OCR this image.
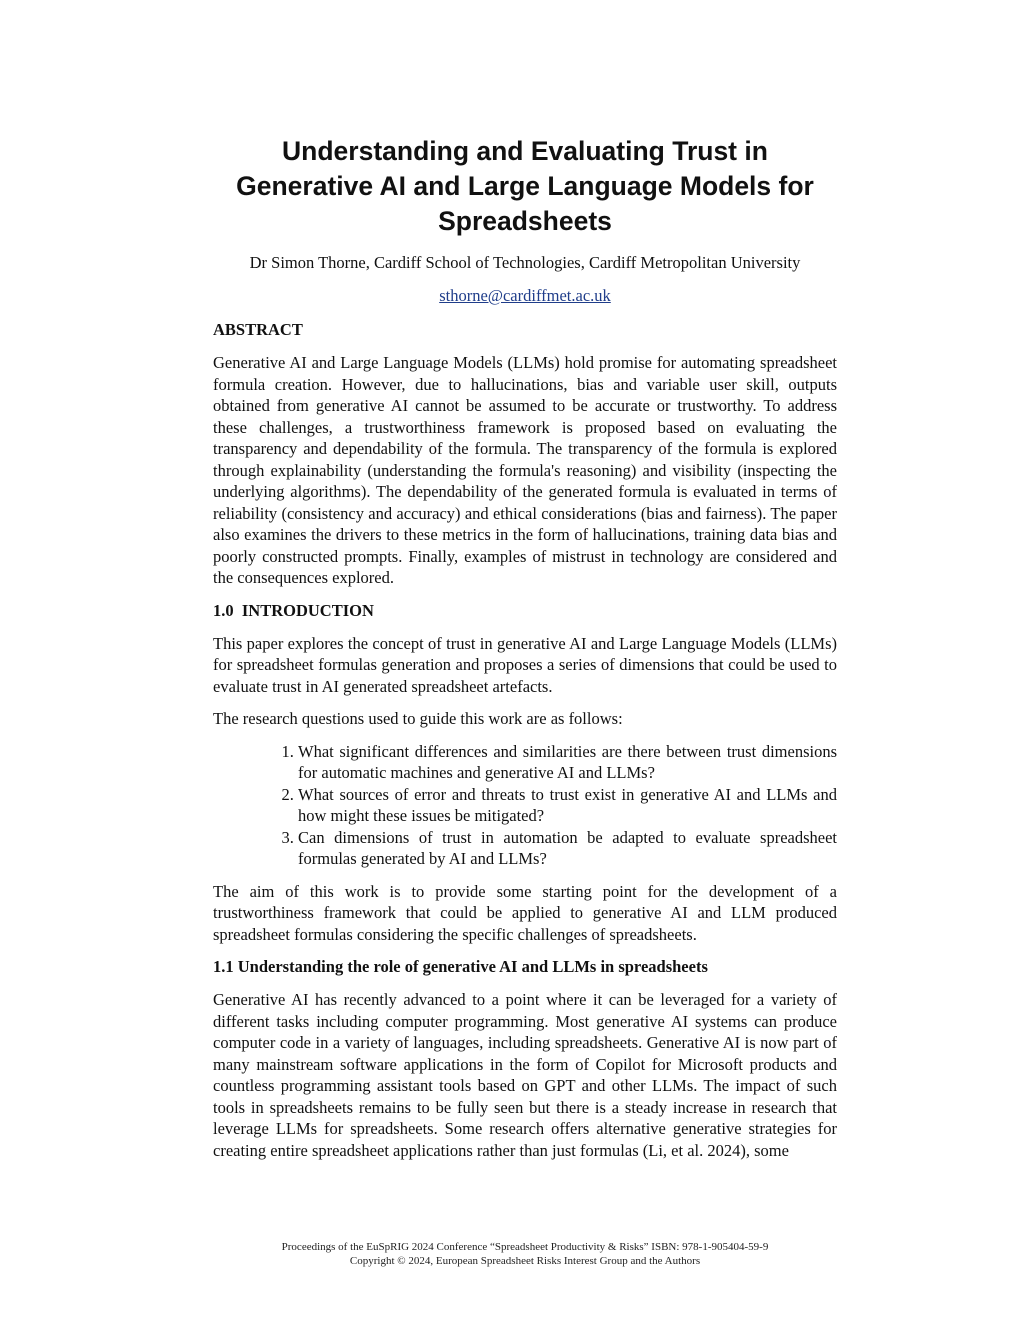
Understanding and Evaluating Trust in Generative AI and Large Language Models for Spreadsheets
Dr Simon Thorne, Cardiff School of Technologies, Cardiff Metropolitan University
sthorne@cardiffmet.ac.uk
ABSTRACT

Generative AI and Large Language Models (LLMs) hold promise for automating spreadsheet formula creation. However, due to hallucinations, bias and variable user skill, outputs obtained from generative AI cannot be assumed to be accurate or trustworthy. To address these challenges, a trustworthiness framework is proposed based on evaluating the transparency and dependability of the formula. The transparency of the formula is explored through explainability (understanding the formula's reasoning) and visibility (inspecting the underlying algorithms). The dependability of the generated formula is evaluated in terms of reliability (consistency and accuracy) and ethical considerations (bias and fairness). The paper also examines the drivers to these metrics in the form of hallucinations, training data bias and poorly constructed prompts. Finally, examples of mistrust in technology are considered and the consequences explored.

1.0  INTRODUCTION

This paper explores the concept of trust in generative AI and Large Language Models (LLMs) for spreadsheet formulas generation and proposes a series of dimensions that could be used to evaluate trust in AI generated spreadsheet artefacts.

The research questions used to guide this work are as follows:

1. What significant differences and similarities are there between trust dimensions for automatic machines and generative AI and LLMs?
2. What sources of error and threats to trust exist in generative AI and LLMs and how might these issues be mitigated?
3. Can dimensions of trust in automation be adapted to evaluate spreadsheet formulas generated by AI and LLMs?

The aim of this work is to provide some starting point for the development of a trustworthiness framework that could be applied to generative AI and LLM produced spreadsheet formulas considering the specific challenges of spreadsheets.

1.1 Understanding the role of generative AI and LLMs in spreadsheets

Generative AI has recently advanced to a point where it can be leveraged for a variety of different tasks including computer programming. Most generative AI systems can produce computer code in a variety of languages, including spreadsheets. Generative AI is now part of many mainstream software applications in the form of Copilot for Microsoft products and countless programming assistant tools based on GPT and other LLMs. The impact of such tools in spreadsheets remains to be fully seen but there is a steady increase in research that leverage LLMs for spreadsheets. Some research offers alternative generative strategies for creating entire spreadsheet applications rather than just formulas (Li, et al. 2024), some

Proceedings of the EuSpRIG 2024 Conference “Spreadsheet Productivity & Risks” ISBN: 978-1-905404-59-9
Copyright © 2024, European Spreadsheet Risks Interest Group and the Authors
